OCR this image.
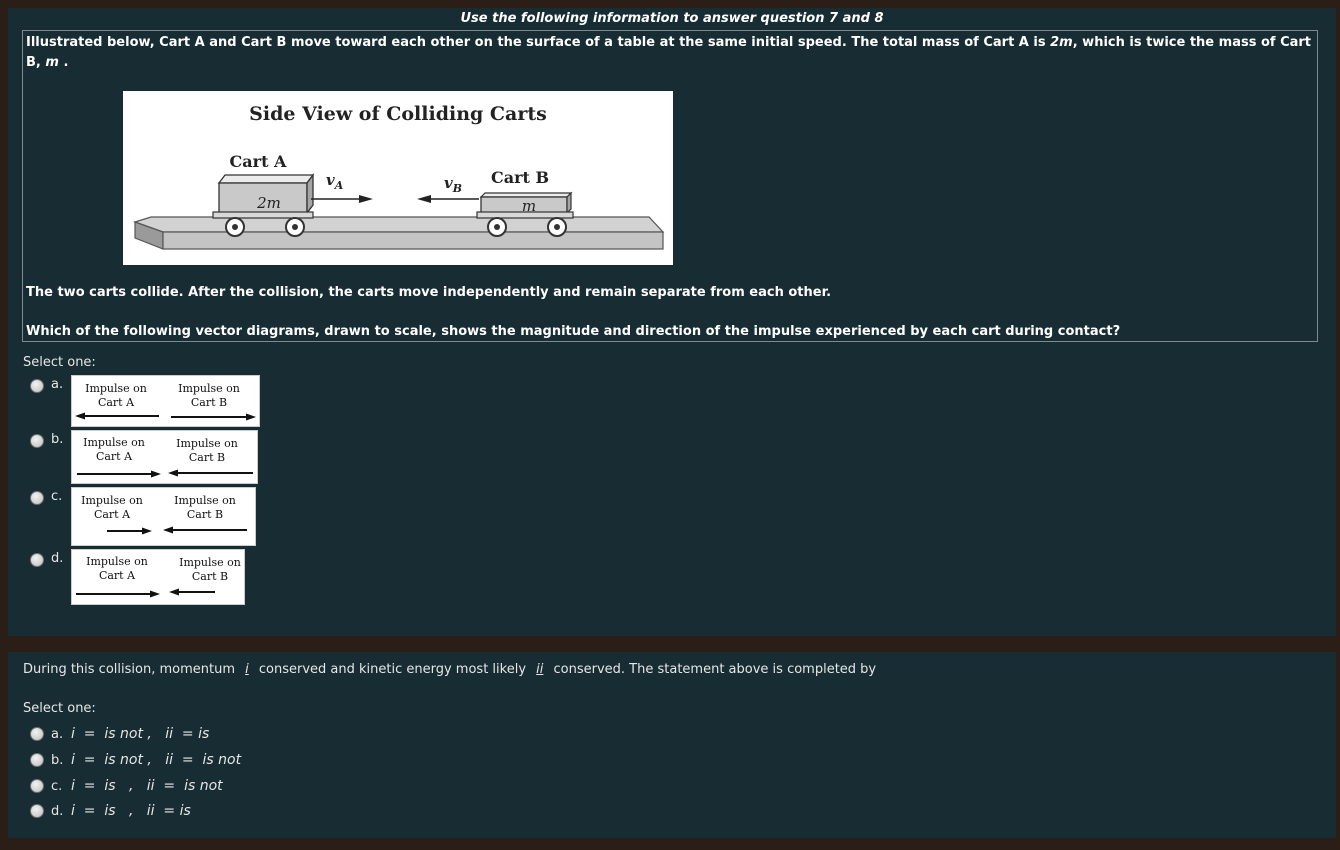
Use the following information to answer question 7 and 8
Illustrated below, Cart A and Cart B move toward each other on the surface of a table at the same initial speed. The total mass of Cart A is 2m, which is twice the mass of Cart B, m .
Side View of Colliding Carts
Cart A
2m
$v_A$	$v_B$
Cart B
m
The two carts collide. After the collision, the carts move independently and remain separate from each other.
Which of the following vector diagrams, drawn to scale, shows the magnitude and direction of the impulse experienced by each cart during contact?
Select one:
a.	Impulse on Cart A
Impulse on Cart B
b.	Impulse on Cart A
Impulse on Cart B
c.	Impulse on Cart A
Impulse on Cart B
d.	Impulse on Cart A
Impulse on Cart B
During this collision, momentum i conserved and kinetic energy most likely ii conserved. The statement above is completed by
Select one:
a. i  =  is not ,   ii  = is
b. i  =  is not ,   ii  =  is not
c. i  =  is   ,   ii  =  is not
d. i  =  is   ,   ii  = is
